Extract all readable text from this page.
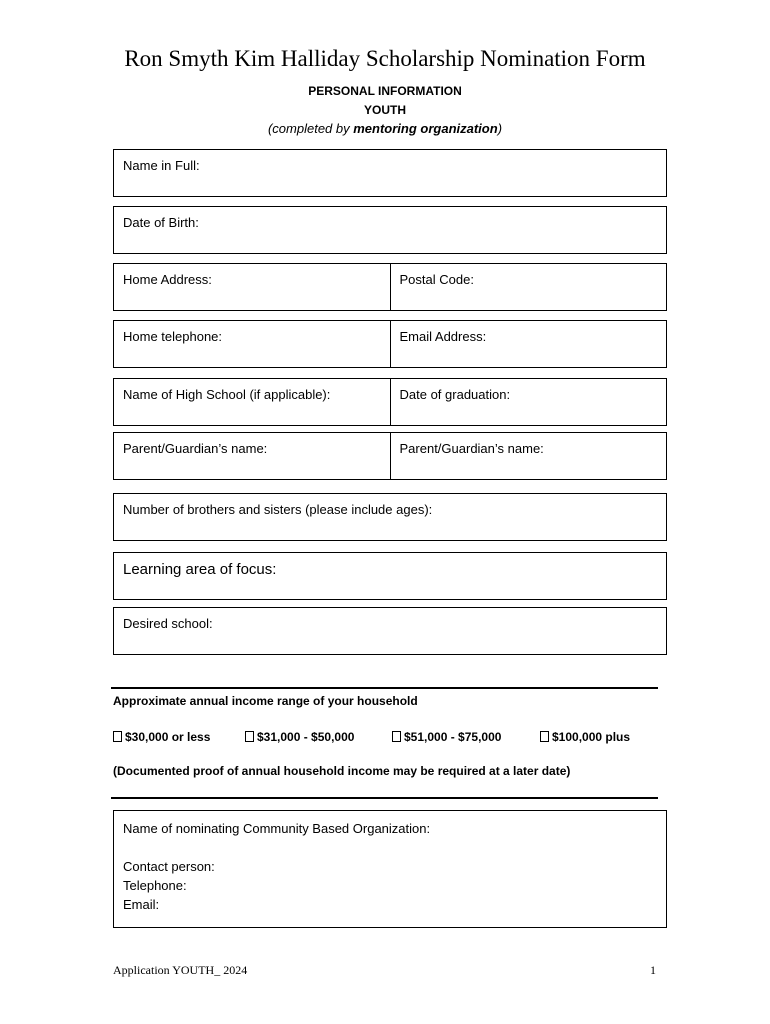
Ron Smyth Kim Halliday Scholarship Nomination Form
PERSONAL INFORMATION
YOUTH
(completed by mentoring organization)
Name in Full:
Date of Birth:
Home Address:	Postal Code:
Home telephone:	Email Address:
Name of High School (if applicable):	Date of graduation:
Parent/Guardian’s name:	Parent/Guardian’s name:
Number of brothers and sisters (please include ages):
Learning area of focus:
Desired school:
Approximate annual income range of your household
$30,000 or less	$31,000 - $50,000	$51,000 - $75,000	$100,000 plus
(Documented proof of annual household income may be required at a later date)
Name of nominating Community Based Organization:
Contact person:
Telephone:
Email:
Application YOUTH_ 2024	1
